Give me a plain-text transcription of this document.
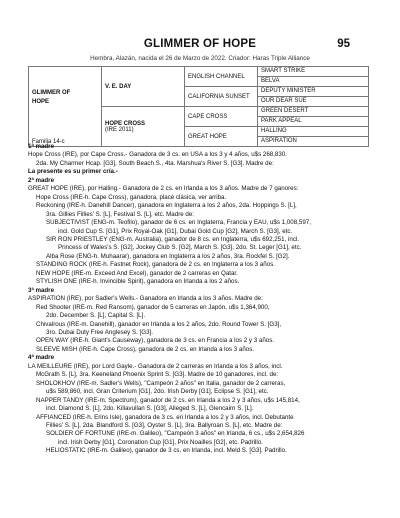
GLIMMER OF HOPE	95
Hembra, Alazán, nacida el 26 de Marzo de 2022. Criador: Haras Triple Alliance
GLIMMER OF HOPE
Familia 14-c	V. E. DAY	ENGLISH CHANNEL	SMART STRIKE
			BELVA
		CALIFORNIA SUNSET	DEPUTY MINISTER
			OUR DEAR SUE

	HOPE CROSS
(IRE 2011)	CAPE CROSS	GREEN DESERT
			PARK APPEAL
		GREAT HOPE	HALLING
			ASPIRATION
1ª madre
Hope Cross (IRE), por Cape Cross.- Ganadora de 3 cs. en USA a los 3 y 4 años, u$s 268,830.
2da. My Charmer Hcap. [G3], South Beach S., 4ta. Marshua's River S. [G3]. Madre de:
La presente es su primer cría.-
2ª madre
GREAT HOPE (IRE), por Halling.- Ganadora de 2 cs. en Irlanda a los 3 años. Madre de 7 ganores:
Hope Cross (IRE-h. Cape Cross), ganadora, placé clásica, ver arriba.
Reckoning (IRE-h. Danehill Dancer), ganadora en Inglaterra a los 2 años, 2da. Hoppings S. [L],
3ra. Gillies Fillies' S. [L], Festival S. [L], etc. Madre de:
SUBJECTIVIST (ENG-m. Teofilo), ganador de 6 cs. en Inglaterra, Francia y EAU, u$s 1,008,597,
incl. Gold Cup S. [G1], Prix Royal-Oak [G1], Dubai Gold Cup [G2], March S. [G3], etc.
SIR RON PRIESTLEY (ENG-m. Australia), ganador de 8 cs. en Inglaterra, u$s 692,251, incl.
Princess of Wales's S. [G2], Jockey Club S. [G2], March S. [G3], 2do. St. Leger [G1], etc.
Alba Rose (ENG-h. Muhaarar), ganadora en Inglaterra a los 2 años, 3ra. Rockfel S. [G2].
STANDING ROCK (IRE-h. Fastnet Rock), ganadora de 2 cs. en Inglaterra a los 3 años.
NEW HOPE (IRE-m. Exceed And Excel), ganador de 2 carreras en Qatar.
STYLISH ONE (IRE-h. Invincible Spirit), ganadora en Irlanda a los 2 años.
3ª madre
ASPIRATION (IRE), por Sadler's Wells.- Ganadora en Irlanda a los 3 años. Madre de:
Red Shooter (IRE-m. Red Ransom), ganador de 5 carreras en Japón, u$s 1,364,900,
2do. December S. [L], Capital S. [L].
Chivalrous (IRE-m. Danehill), ganador en Irlanda a los 2 años, 2do. Round Tower S. [G3],
3ro. Dubai Duty Free Anglesey S. [G3].
OPEN WAY (IRE-h. Giant's Causeway), ganadora de 3 cs. en Francia a los 2 y 3 años.
SLEEVE MISH (IRE-h. Cape Cross), ganadora de 2 cs. en Irlanda a los 3 años.
4ª madre
LA MEILLEURE (IRE), por Lord Gayle.- Ganadora de 2 carreras en Irlanda a los 3 años, incl.
McGrath S. [L], 3ra. Keeneland Phoenix Sprint S. [G3]. Madre de 10 ganadores, incl. de:
SHOLOKHOV (IRE-m. Sadler's Wells), "Campeón 2 años" en Italia, ganador de 2 carreras,
u$s 589,860, incl. Gran Criterium [G1], 2do. Irish Derby [G1], Eclipse S. [G1], etc.
NAPPER TANDY (IRE-m. Spectrum), ganador de 2 cs. en Irlanda a los 2 y 3 años, u$s 145,814,
incl. Diamond S. [L], 2do. Killavullan S. [G3], Alleged S. [L], Glencairn S. [L].
AFFIANCED (IRE-h. Erins Isle), ganadora de 3 cs. en Irlanda a los 2 y 3 años, incl. Debutante
Fillies' S. [L], 2da. Blandford S. [G3], Oyster S. [L], 3ra. Ballyroan S. [L], etc. Madre de:
SOLDIER OF FORTUNE (IRE-m. Galileo), "Campeón 3 años" en Irlanda, 6 cs., u$s 2,654,826
incl. Irish Derby [G1], Coronation Cup [G1], Prix Noailles [G2], etc. Padrillo.
HELIOSTATIC (IRE-m. Galileo), ganador de 3 cs. en Irlanda, incl. Meld S. [G3]. Padrillo.
